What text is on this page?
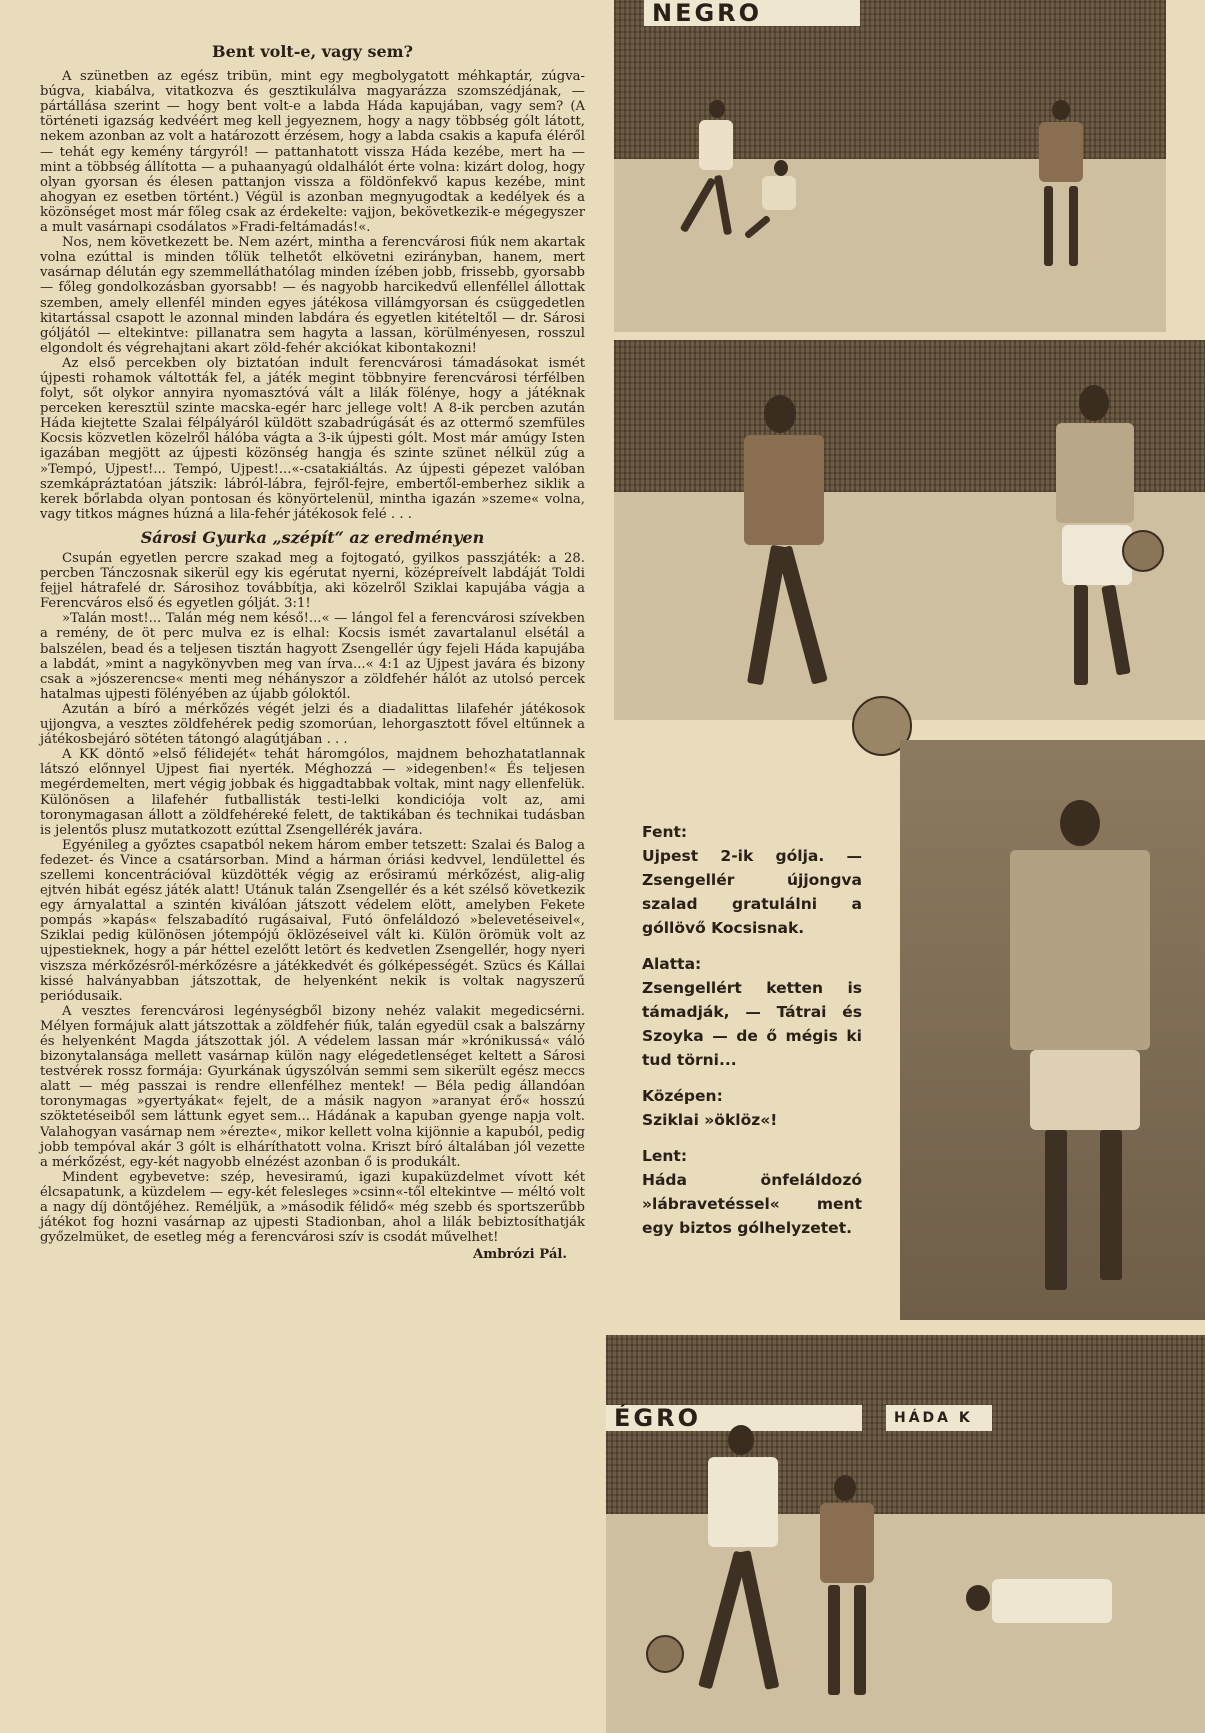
Bent volt-e, vagy sem?

A szünetben az egész tribün, mint egy megbolygatott méhkaptár, zúgva-búgva, kiabálva, vitatkozva és gesztikulálva magyarázza szomszédjának, — pártállása szerint — hogy bent volt-e a labda Háda kapujában, vagy sem? (A történeti igazság kedvéért meg kell jegyeznem, hogy a nagy többség gólt látott, nekem azonban az volt a határozott érzésem, hogy a labda csakis a kapufa éléről — tehát egy kemény tárgyról! — pattanhatott vissza Háda kezébe, mert ha — mint a többség állította — a puhaanyagú oldalhálót érte volna: kizárt dolog, hogy olyan gyorsan és élesen pattanjon vissza a földönfekvő kapus kezébe, mint ahogyan ez esetben történt.) Végül is azonban megnyugodtak a kedélyek és a közönséget most már főleg csak az érdekelte: vajjon, bekövetkezik-e mégegyszer a mult vasárnapi csodálatos »Fradi-feltámadás!«.

Nos, nem következett be. Nem azért, mintha a ferencvárosi fiúk nem akartak volna ezúttal is minden tőlük telhetőt elkövetni ezirányban, hanem, mert vasárnap délután egy szemmelláthatólag minden ízében jobb, frissebb, gyorsabb — főleg gondolkozásban gyorsabb! — és nagyobb harcikedvű ellenféllel állottak szemben, amely ellenfél minden egyes játékosa villámgyorsan és csüggedetlen kitartással csapott le azonnal minden labdára és egyetlen kitételtől — dr. Sárosi góljától — eltekintve: pillanatra sem hagyta a lassan, körülményesen, rosszul elgondolt és végrehajtani akart zöld-fehér akciókat kibontakozni!

Az első percekben oly biztatóan indult ferencvárosi támadásokat ismét újpesti rohamok váltották fel, a játék megint többnyire ferencvárosi térfélben folyt, sőt olykor annyira nyomasztóvá vált a lilák fölénye, hogy a játéknak perceken keresztül szinte macska-egér harc jellege volt! A 8-ik percben azután Háda kiejtette Szalai félpályáról küldött szabadrúgását és az ottermő szemfüles Kocsis közvetlen közelről hálóba vágta a 3-ik újpesti gólt. Most már amúgy Isten igazában megjött az újpesti közönség hangja és szinte szünet nélkül zúg a »Tempó, Ujpest!... Tempó, Ujpest!...«-csatakiáltás. Az újpesti gépezet valóban szemkápráztatóan játszik: lábról-lábra, fejről-fejre, embertől-emberhez siklik a kerek bőrlabda olyan pontosan és könyörtelenül, mintha igazán »szeme« volna, vagy titkos mágnes húzná a lila-fehér játékosok felé . . .

Sárosi Gyurka „szépít“ az eredményen

Csupán egyetlen percre szakad meg a fojtogató, gyilkos passzjáték: a 28. percben Tánczosnak sikerül egy kis egérutat nyerni, középreívelt labdáját Toldi fejjel hátrafelé dr. Sárosihoz továbbítja, aki közelről Sziklai kapujába vágja a Ferencváros első és egyetlen gólját. 3:1!

»Talán most!... Talán még nem késő!...« — lángol fel a ferencvárosi szívekben a remény, de öt perc mulva ez is elhal: Kocsis ismét zavartalanul elsétál a balszélen, bead és a teljesen tisztán hagyott Zsengellér úgy fejeli Háda kapujába a labdát, »mint a nagykönyvben meg van írva...« 4:1 az Ujpest javára és bizony csak a »jószerencse« menti meg néhányszor a zöldfehér hálót az utolsó percek hatalmas ujpesti fölényében az újabb góloktól.

Azután a bíró a mérkőzés végét jelzi és a diadalittas lilafehér játékosok ujjongva, a vesztes zöldfehérek pedig szomorúan, lehorgasztott fővel eltűnnek a játékosbejáró sötéten tátongó alagútjában . . .

A KK döntő »első félidejét« tehát háromgólos, majdnem behozhatatlannak látszó előnnyel Ujpest fiai nyerték. Méghozzá — »idegenben!« És teljesen megérdemelten, mert végig jobbak és higgadtabbak voltak, mint nagy ellenfelük. Különösen a lilafehér futballisták testi-lelki kondiciója volt az, ami toronymagasan állott a zöldfehéreké felett, de taktikában és technikai tudásban is jelentős plusz mutatkozott ezúttal Zsengellérék javára.

Egyénileg a győztes csapatból nekem három ember tetszett: Szalai és Balog a fedezet- és Vince a csatársorban. Mind a hárman óriási kedvvel, lendülettel és szellemi koncentrációval küzdötték végig az erősiramú mérkőzést, alig-alig ejtvén hibát egész játék alatt! Utánuk talán Zsengellér és a két szélső következik egy árnyalattal a szintén kiválóan játszott védelem elött, amelyben Fekete pompás »kapás« felszabadító rugásaival, Futó önfeláldozó »belevetéseivel«, Sziklai pedig különösen jótempójú öklözéseivel vált ki. Külön örömük volt az ujpestieknek, hogy a pár héttel ezelőtt letört és kedvetlen Zsengellér, hogy nyeri viszsza mérkőzésről-mérkőzésre a játékkedvét és gólképességét. Szücs és Kállai kissé halványabban játszottak, de helyenként nekik is voltak nagyszerű periódusaik.

A vesztes ferencvárosi legénységből bizony nehéz valakit megedicsérni. Mélyen formájuk alatt játszottak a zöldfehér fiúk, talán egyedül csak a balszárny és helyenként Magda játszottak jól. A védelem lassan már »krónikussá« váló bizonytalansága mellett vasárnap külön nagy elégedetlenséget keltett a Sárosi testvérek rossz formája: Gyurkának úgyszólván semmi sem sikerült egész meccs alatt — még passzai is rendre ellenfélhez mentek! — Béla pedig állandóan toronymagas »gyertyákat« fejelt, de a másik nagyon »aranyat érő« hosszú szöktetéseiből sem láttunk egyet sem... Hádának a kapuban gyenge napja volt. Valahogyan vasárnap nem »érezte«, mikor kellett volna kijönnie a kapuból, pedig jobb tempóval akár 3 gólt is elháríthatott volna. Kriszt bíró általában jól vezette a mérkőzést, egy-két nagyobb elnézést azonban ő is produkált.

Mindent egybevetve: szép, hevesiramú, igazi kupaküzdelmet vívott két élcsapatunk, a küzdelem — egy-két felesleges »csinn«-től eltekintve — méltó volt a nagy díj döntőjéhez. Reméljük, a »második félidő« még szebb és sportszerűbb játékot fog hozni vasárnap az ujpesti Stadionban, ahol a lilák bebiztosíthatják győzelmüket, de esetleg még a ferencvárosi szív is csodát művelhet!

Ambrózi Pál.
NEGRO
ÉGRO	HÁDA K
Fent:
Ujpest 2-ik gólja. — Zsengellér újjongva szalad gratulálni a góllövő Kocsisnak.
Alatta:
Zsengellért ketten is támadják, — Tátrai és Szoyka — de ő mégis ki tud törni...
Középen:
Sziklai »öklöz«!
Lent:
Háda önfeláldozó »lábravetéssel« ment egy biztos gólhelyzetet.
